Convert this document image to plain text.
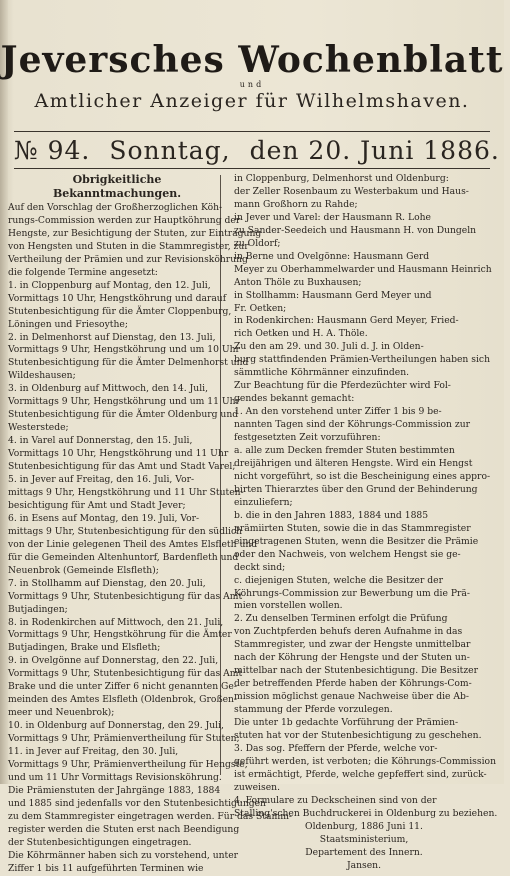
Jeversches Wochenblatt
und
Amtlicher Anzeiger für Wilhelmshaven.
№ 94. Sonntag, den 20. Juni 1886.
Obrigkeitliche Bekanntmachungen.
Auf den Vorschlag der Großherzoglichen Köh-
rungs-Commission werden zur Hauptköhrung der
Hengste, zur Besichtigung der Stuten, zur Eintragung
von Hengsten und Stuten in die Stammregister, zur
Vertheilung der Prämien und zur Revisionsköhrung
die folgende Termine angesetzt:
1. in Cloppenburg auf Montag, den 12. Juli,
Vormittags 10 Uhr, Hengstköhrung und darauf
Stutenbesichtigung für die Ämter Cloppenburg,
Löningen und Friesoythe;
2. in Delmenhorst auf Dienstag, den 13. Juli,
Vormittags 9 Uhr, Hengstköhrung und um 10 Uhr
Stutenbesichtigung für die Ämter Delmenhorst und
Wildeshausen;
3. in Oldenburg auf Mittwoch, den 14. Juli,
Vormittags 9 Uhr, Hengstköhrung und um 11 Uhr
Stutenbesichtigung für die Ämter Oldenburg und
Westerstede;
4. in Varel auf Donnerstag, den 15. Juli,
Vormittags 10 Uhr, Hengstköhrung und 11 Uhr
Stutenbesichtigung für das Amt und Stadt Varel;
5. in Jever auf Freitag, den 16. Juli, Vor-
mittags 9 Uhr, Hengstköhrung und 11 Uhr Stuten-
besichtigung für Amt und Stadt Jever;
6. in Esens auf Montag, den 19. Juli, Vor-
mittags 9 Uhr, Stutenbesichtigung für den südlich
von der Linie gelegenen Theil des Amtes Elsfleth und
für die Gemeinden Altenhuntorf, Bardenfleth und
Neuenbrok (Gemeinde Elsfleth);
7. in Stollhamm auf Dienstag, den 20. Juli,
Vormittags 9 Uhr, Stutenbesichtigung für das Amt
Butjadingen;
8. in Rodenkirchen auf Mittwoch, den 21. Juli,
Vormittags 9 Uhr, Hengstköhrung für die Ämter
Butjadingen, Brake und Elsfleth;
9. in Ovelgönne auf Donnerstag, den 22. Juli,
Vormittags 9 Uhr, Stutenbesichtigung für das Amt
Brake und die unter Ziffer 6 nicht genannten Ge-
meinden des Amtes Elsfleth (Oldenbrok, Großen-
meer und Neuenbrok);
10. in Oldenburg auf Donnerstag, den 29. Juli,
Vormittags 9 Uhr, Prämienvertheilung für Stuten;
11. in Jever auf Freitag, den 30. Juli,
Vormittags 9 Uhr, Prämienvertheilung für Hengste,
und um 11 Uhr Vormittags Revisionsköhrung.
Die Prämienstuten der Jahrgänge 1883, 1884
und 1885 sind jedenfalls vor den Stutenbesichtigungen
zu dem Stammregister eingetragen werden. Für das Stamm-
register werden die Stuten erst nach Beendigung
der Stutenbesichtigungen eingetragen.
Die Köhrmänner haben sich zu vorstehend, unter
Ziffer 1 bis 11 aufgeführten Terminen wie
in Cloppenburg, Delmenhorst und Oldenburg:
der Zeller Rosenbaum zu Westerbakum und Haus-
mann Großhorn zu Rahde;
in Jever und Varel: der Hausmann R. Lohe
zu Sander-Seedeich und Hausmann H. von Dungeln
zu Oldorf;
in Berne und Ovelgönne: Hausmann Gerd
Meyer zu Oberhammelwarder und Hausmann Heinrich
Anton Thöle zu Buxhausen;
in Stollhamm: Hausmann Gerd Meyer und
Fr. Oetken;
in Rodenkirchen: Hausmann Gerd Meyer, Fried-
rich Oetken und H. A. Thöle.
Zu den am 29. und 30. Juli d. J. in Olden-
burg stattfindenden Prämien-Vertheilungen haben sich
sämmtliche Köhrmänner einzufinden.
Zur Beachtung für die Pferdezüchter wird Fol-
gendes bekannt gemacht:
1. An den vorstehend unter Ziffer 1 bis 9 be-
nannten Tagen sind der Köhrungs-Commission zur
festgesetzten Zeit vorzuführen:
a. alle zum Decken fremder Stuten bestimmten
dreijährigen und älteren Hengste. Wird ein Hengst
nicht vorgeführt, so ist die Bescheinigung eines appro-
birten Thierarztes über den Grund der Behinderung
einzuliefern;
b. die in den Jahren 1883, 1884 und 1885
prämiirten Stuten, sowie die in das Stammregister
eingetragenen Stuten, wenn die Besitzer die Prämie
oder den Nachweis, von welchem Hengst sie ge-
deckt sind;
c. diejenigen Stuten, welche die Besitzer der
Köhrungs-Commission zur Bewerbung um die Prä-
mien vorstellen wollen.
2. Zu denselben Terminen erfolgt die Prüfung
von Zuchtpferden behufs deren Aufnahme in das
Stammregister, und zwar der Hengste unmittelbar
nach der Köhrung der Hengste und der Stuten un-
mittelbar nach der Stutenbesichtigung. Die Besitzer
der betreffenden Pferde haben der Köhrungs-Com-
mission möglichst genaue Nachweise über die Ab-
stammung der Pferde vorzulegen.
Die unter 1b gedachte Vorführung der Prämien-
stuten hat vor der Stutenbesichtigung zu geschehen.
3. Das sog. Pfeffern der Pferde, welche vor-
geführt werden, ist verboten; die Köhrungs-Commission
ist ermächtigt, Pferde, welche gepfeffert sind, zurück-
zuweisen.
4. Formulare zu Deckscheinen sind von der
Stalling'schen Buchdruckerei in Oldenburg zu beziehen.
Oldenburg, 1886 Juni 11.
Staatsministerium,
Departement des Innern.
Jansen.
